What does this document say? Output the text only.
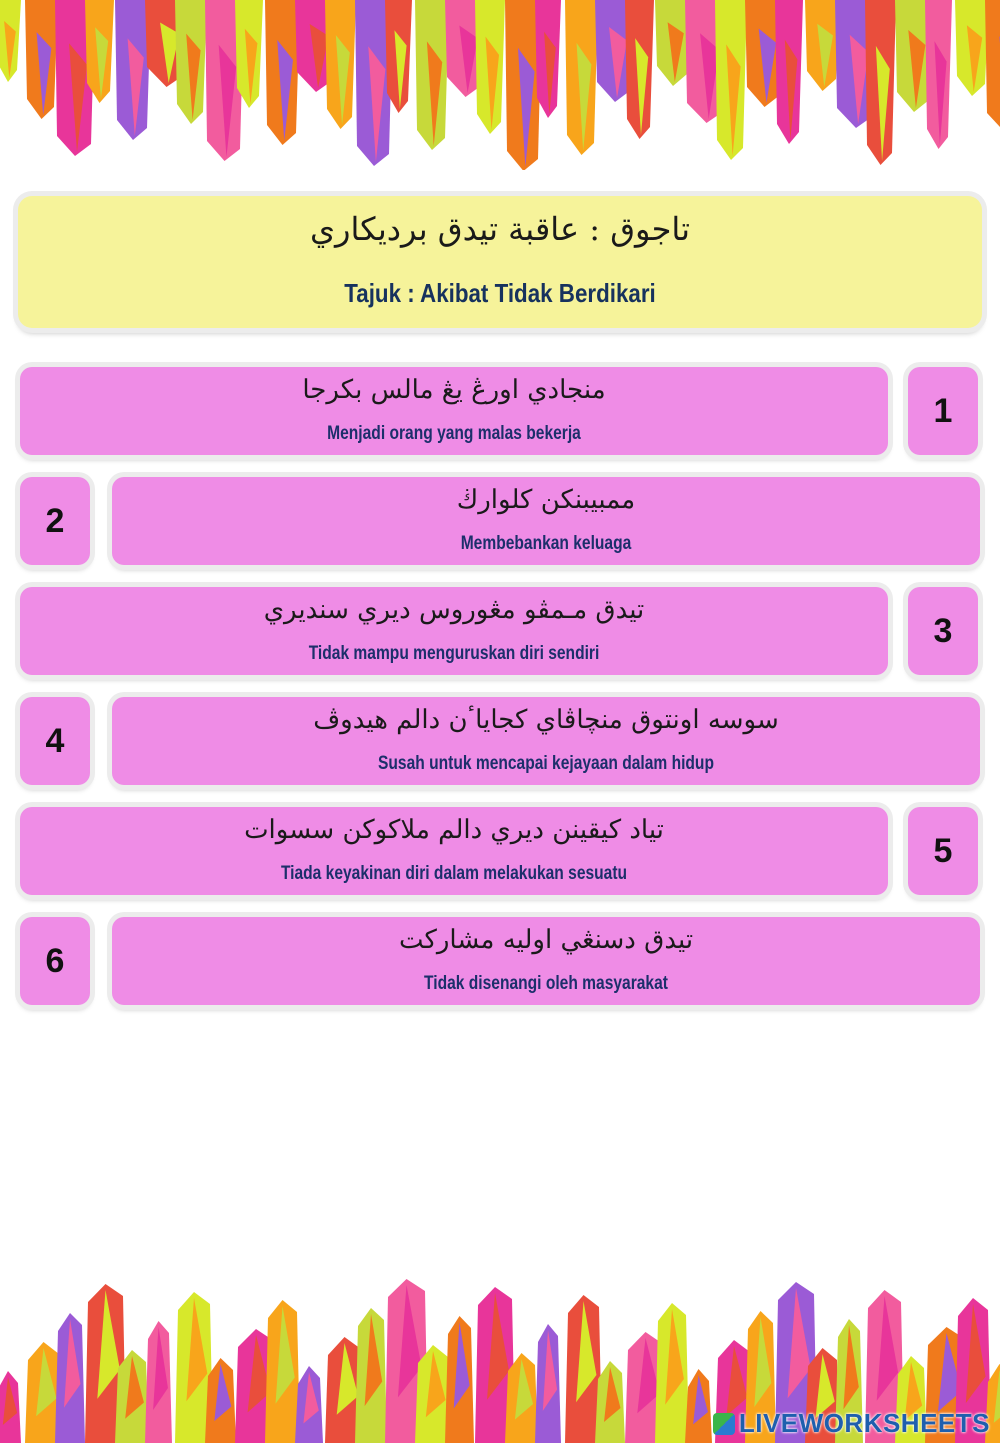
تاجوق : عاقبة تيدق برديکاري
Tajuk : Akibat Tidak Berdikari
منجادي اورڠ يڠ مالس بکرجا
Menjadi orang yang malas bekerja
1
2
ممبيبنکن کلوارڬ
Membebankan keluaga
تيدق مـمڤو مڠوروس ديري سنديري
Tidak mampu menguruskan diri sendiri
3
4
سوسه اونتوق منچاڤاي کجاياٴن دالم هيدوڤ
Susah untuk mencapai kejayaan dalam hidup
تياد کيقينن ديري دالم ملاکوکن سسوات
Tiada keyakinan diri dalam melakukan sesuatu
5
6
تيدق دسنڠي اوليه مشارکت
Tidak disenangi oleh masyarakat
LIVEWORKSHEETS
